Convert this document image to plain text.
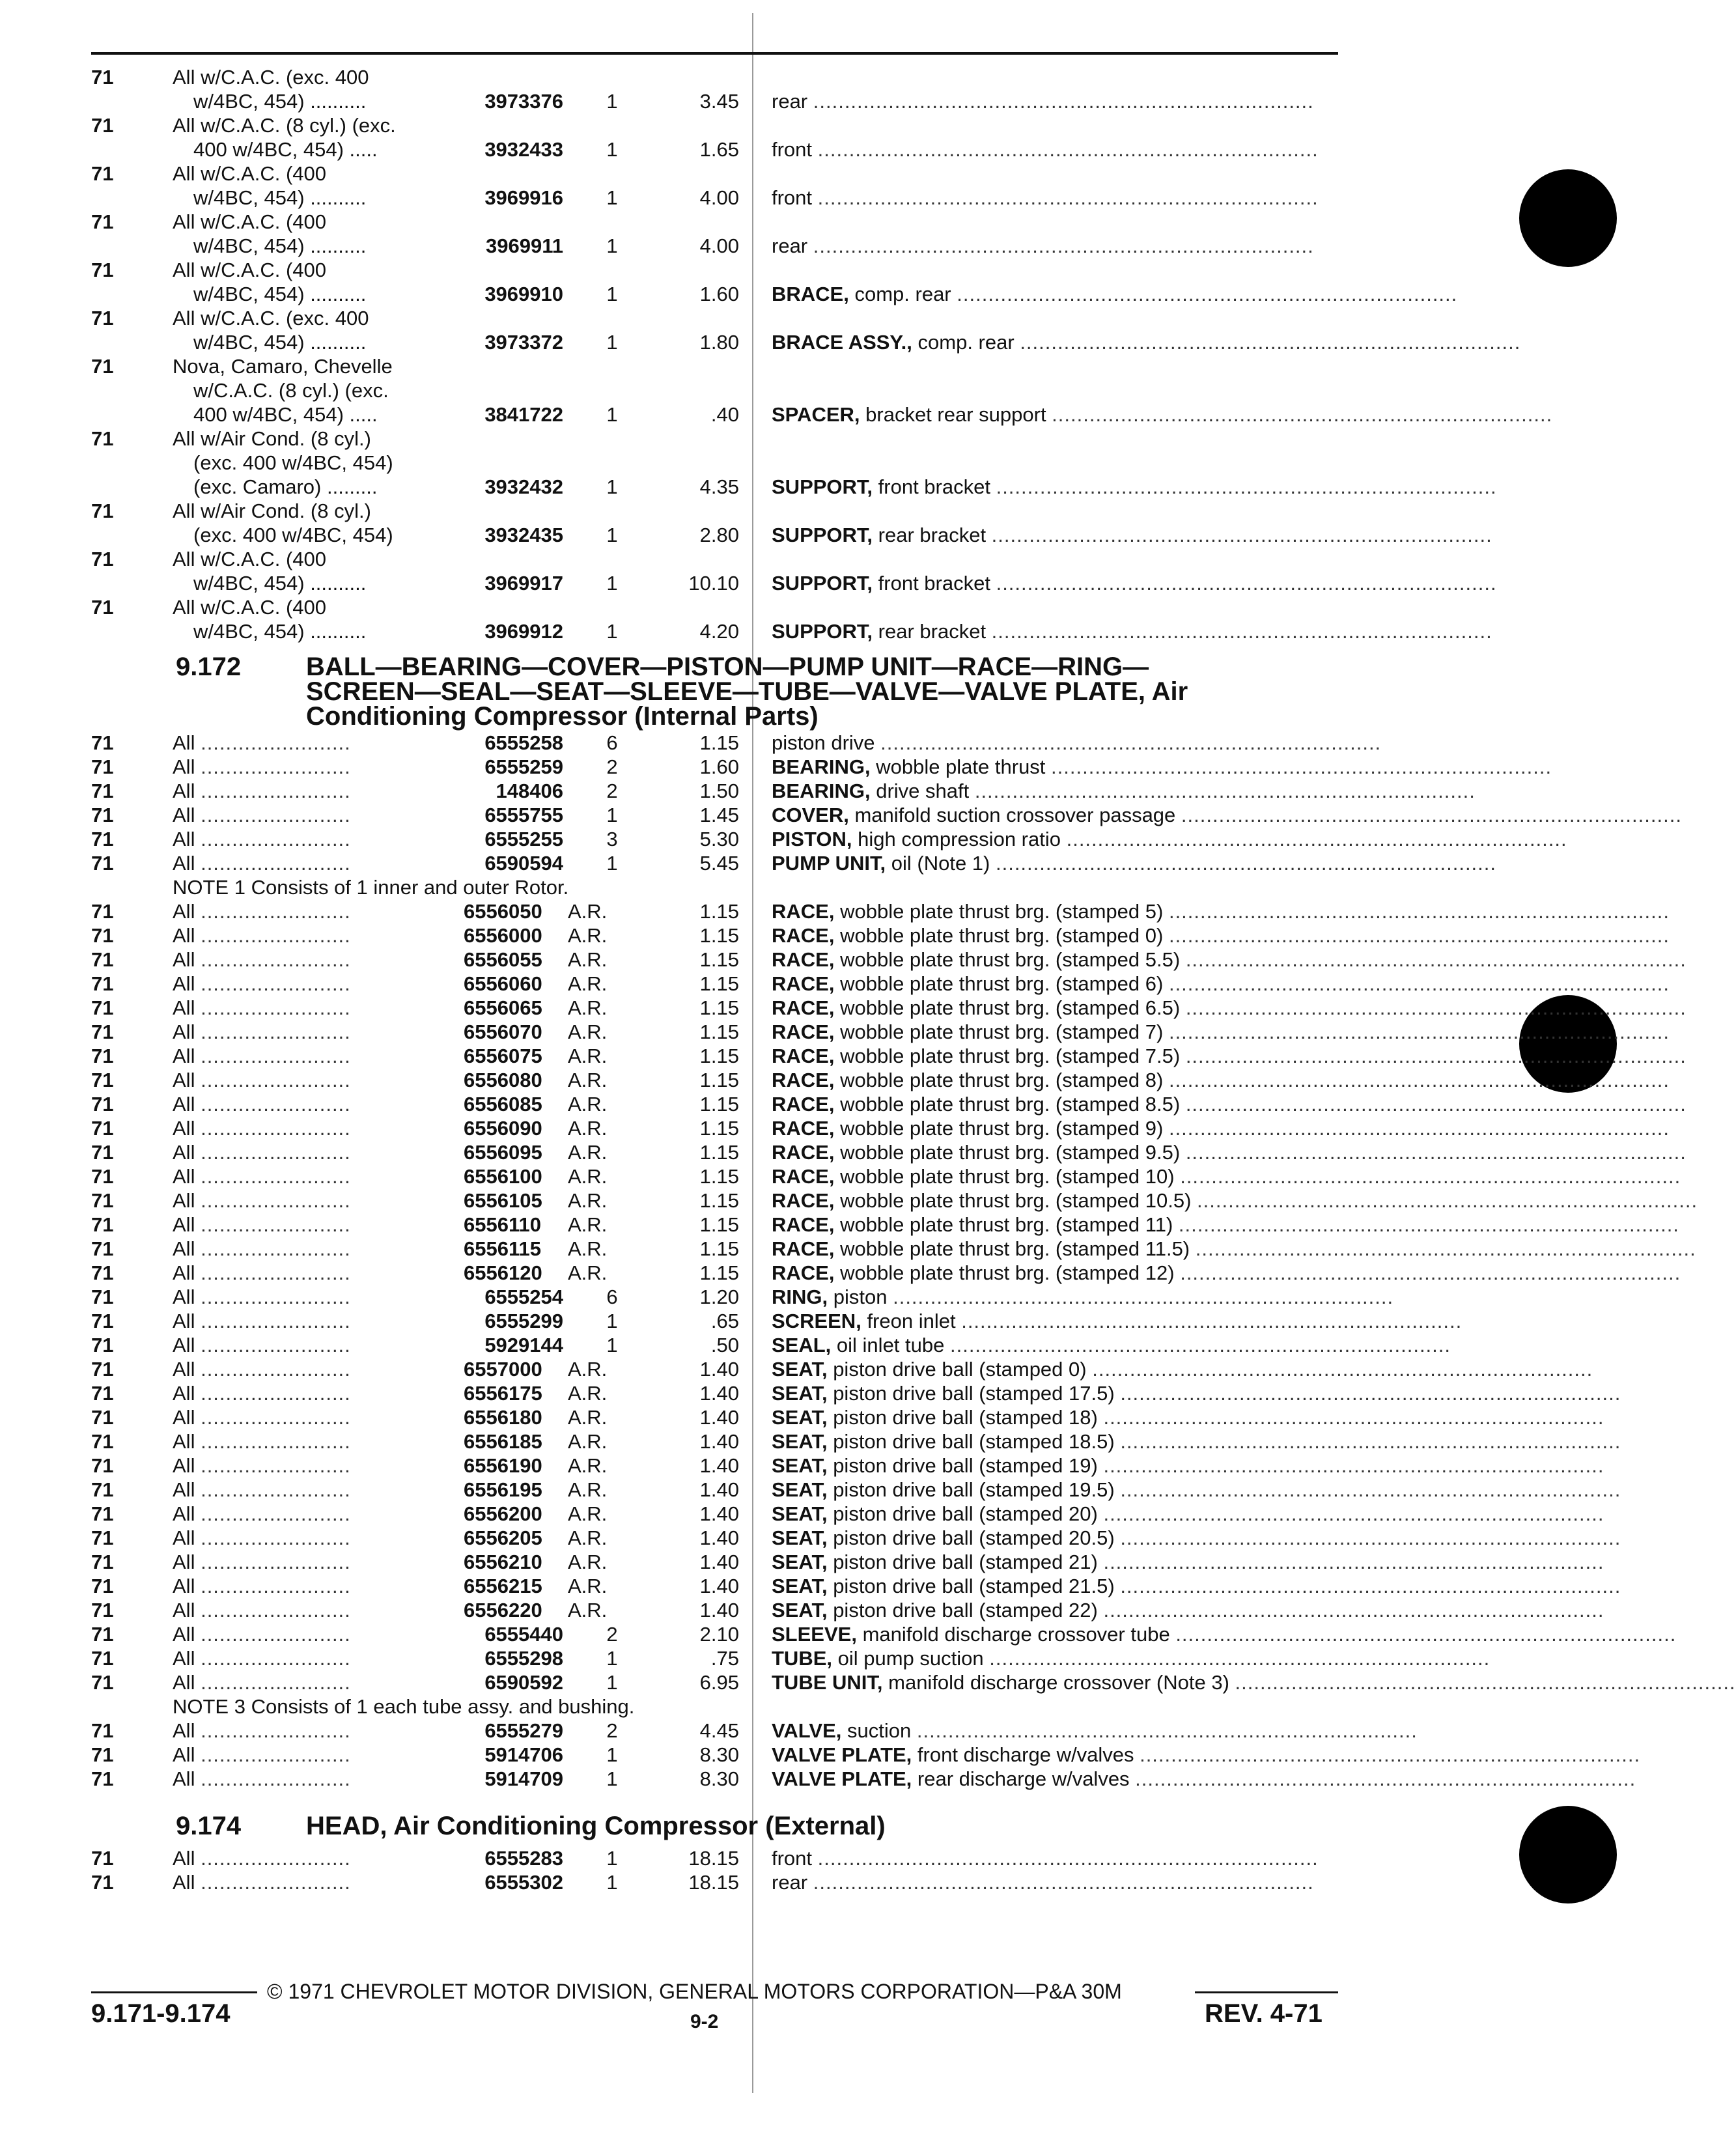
71	All w/C.A.C. (exc. 400
w/4BC, 454) ..........	3973376	1	3.45 rear ................................................................................
71	All w/C.A.C. (8 cyl.) (exc.
400 w/4BC, 454) .....	3932433	1	1.65 front ................................................................................
71	All w/C.A.C. (400
w/4BC, 454) ..........	3969916	1	4.00 front ................................................................................
71	All w/C.A.C. (400
w/4BC, 454) ..........	3969911	1	4.00 rear ................................................................................
71	All w/C.A.C. (400
w/4BC, 454) ..........	3969910	1	1.60 BRACE, comp. rear ................................................................................
71	All w/C.A.C. (exc. 400
w/4BC, 454) ..........	3973372	1	1.80 BRACE ASSY., comp. rear ................................................................................
71	Nova, Camaro, Chevelle
w/C.A.C. (8 cyl.) (exc.
400 w/4BC, 454) .....	3841722	1	.40 SPACER, bracket rear support ................................................................................
71	All w/Air Cond. (8 cyl.)
(exc. 400 w/4BC, 454)
(exc. Camaro) .........	3932432	1	4.35 SUPPORT, front bracket ................................................................................
71	All w/Air Cond. (8 cyl.)
(exc. 400 w/4BC, 454)	3932435	1	2.80 SUPPORT, rear bracket ................................................................................
71	All w/C.A.C. (400
w/4BC, 454) ..........	3969917	1	10.10 SUPPORT, front bracket ................................................................................
71	All w/C.A.C. (400
w/4BC, 454) ..........	3969912	1	4.20 SUPPORT, rear bracket ................................................................................
9.172 BALL—BEARING—COVER—PISTON—PUMP UNIT—RACE—RING—
SCREEN—SEAL—SEAT—SLEEVE—TUBE—VALVE—VALVE PLATE, Air
Conditioning Compressor (Internal Parts)
71	All ........................	6555258	6	1.15 piston drive ................................................................................
71	All ........................	6555259	2	1.60 BEARING, wobble plate thrust ................................................................................
71	All ........................	148406	2	1.50 BEARING, drive shaft ................................................................................
71	All ........................	6555755	1	1.45 COVER, manifold suction crossover passage ................................................................................
71	All ........................	6555255	3	5.30 PISTON, high compression ratio ................................................................................
71	All ........................	6590594	1	5.45 PUMP UNIT, oil (Note 1) ................................................................................
NOTE 1 Consists of 1 inner and outer Rotor.
71	All ........................	6556050	A.R.	1.15 RACE, wobble plate thrust brg. (stamped 5) ................................................................................
71	All ........................	6556000	A.R.	1.15 RACE, wobble plate thrust brg. (stamped 0) ................................................................................
71	All ........................	6556055	A.R.	1.15 RACE, wobble plate thrust brg. (stamped 5.5) ................................................................................
71	All ........................	6556060	A.R.	1.15 RACE, wobble plate thrust brg. (stamped 6) ................................................................................
71	All ........................	6556065	A.R.	1.15 RACE, wobble plate thrust brg. (stamped 6.5) ................................................................................
71	All ........................	6556070	A.R.	1.15 RACE, wobble plate thrust brg. (stamped 7) ................................................................................
71	All ........................	6556075	A.R.	1.15 RACE, wobble plate thrust brg. (stamped 7.5) ................................................................................
71	All ........................	6556080	A.R.	1.15 RACE, wobble plate thrust brg. (stamped 8) ................................................................................
71	All ........................	6556085	A.R.	1.15 RACE, wobble plate thrust brg. (stamped 8.5) ................................................................................
71	All ........................	6556090	A.R.	1.15 RACE, wobble plate thrust brg. (stamped 9) ................................................................................
71	All ........................	6556095	A.R.	1.15 RACE, wobble plate thrust brg. (stamped 9.5) ................................................................................
71	All ........................	6556100	A.R.	1.15 RACE, wobble plate thrust brg. (stamped 10) ................................................................................
71	All ........................	6556105	A.R.	1.15 RACE, wobble plate thrust brg. (stamped 10.5) ................................................................................
71	All ........................	6556110	A.R.	1.15 RACE, wobble plate thrust brg. (stamped 11) ................................................................................
71	All ........................	6556115	A.R.	1.15 RACE, wobble plate thrust brg. (stamped 11.5) ................................................................................
71	All ........................	6556120	A.R.	1.15 RACE, wobble plate thrust brg. (stamped 12) ................................................................................
71	All ........................	6555254	6	1.20 RING, piston ................................................................................
71	All ........................	6555299	1	.65 SCREEN, freon inlet ................................................................................
71	All ........................	5929144	1	.50 SEAL, oil inlet tube ................................................................................
71	All ........................	6557000	A.R.	1.40 SEAT, piston drive ball (stamped 0) ................................................................................
71	All ........................	6556175	A.R.	1.40 SEAT, piston drive ball (stamped 17.5) ................................................................................
71	All ........................	6556180	A.R.	1.40 SEAT, piston drive ball (stamped 18) ................................................................................
71	All ........................	6556185	A.R.	1.40 SEAT, piston drive ball (stamped 18.5) ................................................................................
71	All ........................	6556190	A.R.	1.40 SEAT, piston drive ball (stamped 19) ................................................................................
71	All ........................	6556195	A.R.	1.40 SEAT, piston drive ball (stamped 19.5) ................................................................................
71	All ........................	6556200	A.R.	1.40 SEAT, piston drive ball (stamped 20) ................................................................................
71	All ........................	6556205	A.R.	1.40 SEAT, piston drive ball (stamped 20.5) ................................................................................
71	All ........................	6556210	A.R.	1.40 SEAT, piston drive ball (stamped 21) ................................................................................
71	All ........................	6556215	A.R.	1.40 SEAT, piston drive ball (stamped 21.5) ................................................................................
71	All ........................	6556220	A.R.	1.40 SEAT, piston drive ball (stamped 22) ................................................................................
71	All ........................	6555440	2	2.10 SLEEVE, manifold discharge crossover tube ................................................................................
71	All ........................	6555298	1	.75 TUBE, oil pump suction ................................................................................
71	All ........................	6590592	1	6.95 TUBE UNIT, manifold discharge crossover (Note 3) ................................................................................
NOTE 3 Consists of 1 each tube assy. and bushing.
71	All ........................	6555279	2	4.45 VALVE, suction ................................................................................
71	All ........................	5914706	1	8.30 VALVE PLATE, front discharge w/valves ................................................................................
71	All ........................	5914709	1	8.30 VALVE PLATE, rear discharge w/valves ................................................................................
9.174 HEAD, Air Conditioning Compressor (External)
71	All ........................	6555283	1	18.15 front ................................................................................
71	All ........................	6555302	1	18.15 rear ................................................................................
© 1971 CHEVROLET MOTOR DIVISION, GENERAL MOTORS CORPORATION—P&A 30M
9.171-9.174	9-2	REV. 4-71
